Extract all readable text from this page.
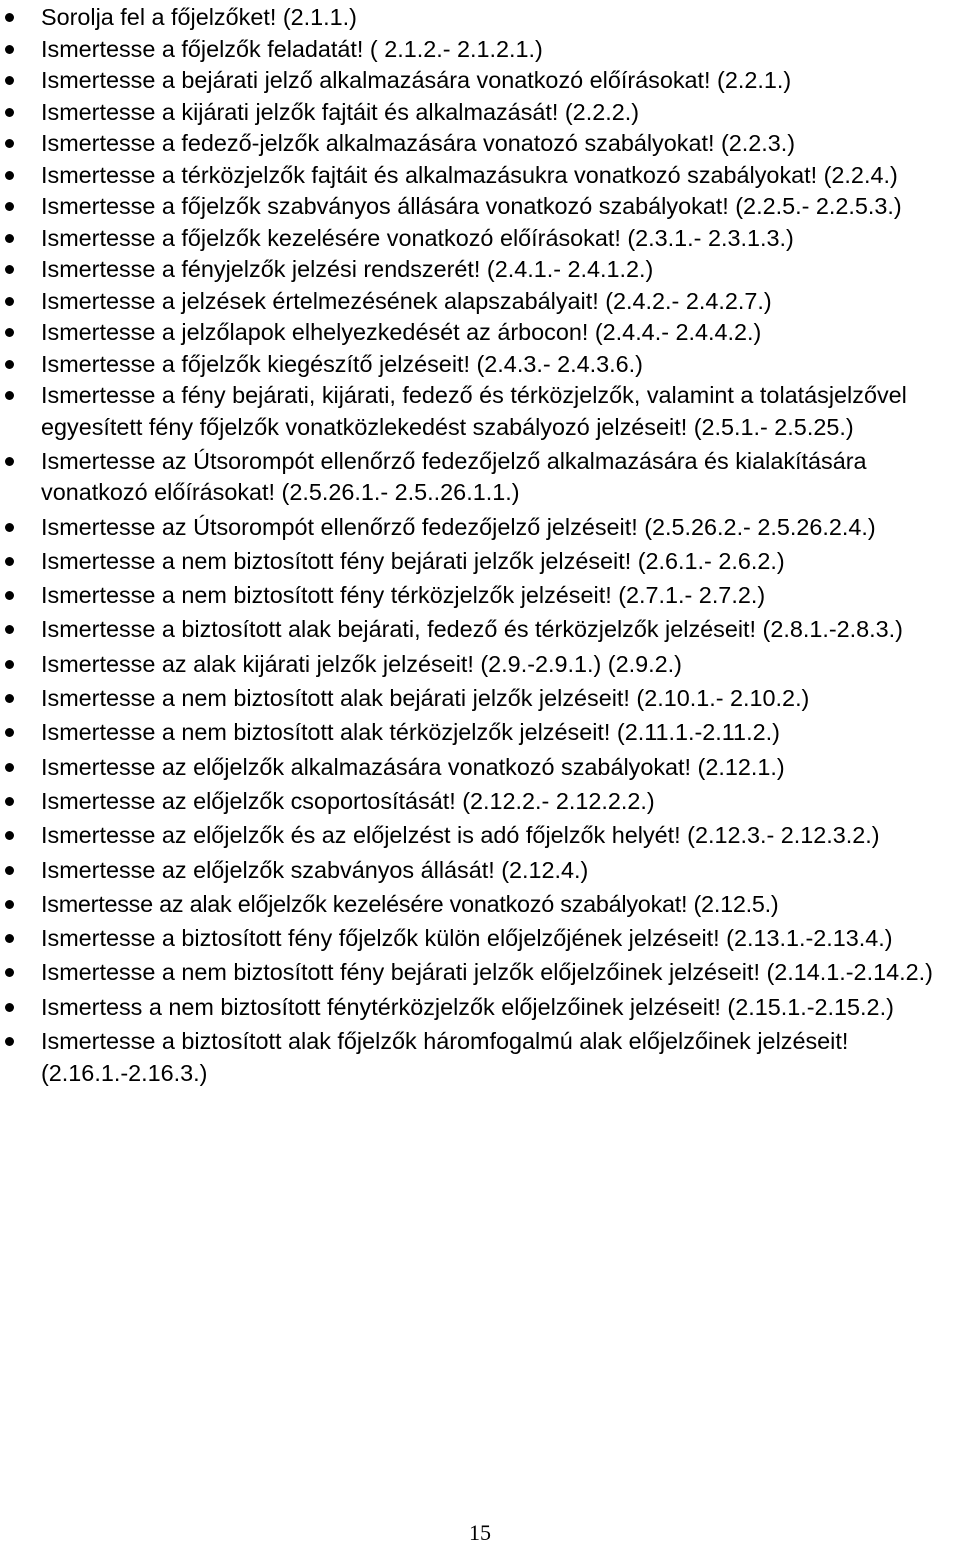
Sorolja fel a főjelzőket! (2.1.1.)
Ismertesse a főjelzők feladatát! ( 2.1.2.- 2.1.2.1.)
Ismertesse a bejárati jelző alkalmazására vonatkozó előírásokat! (2.2.1.)
Ismertesse a kijárati jelzők fajtáit és alkalmazását! (2.2.2.)
Ismertesse a fedező-jelzők alkalmazására vonatozó szabályokat! (2.2.3.)
Ismertesse a térközjelzők fajtáit és alkalmazásukra vonatkozó szabályokat! (2.2.4.)
Ismertesse a főjelzők szabványos állására vonatkozó szabályokat! (2.2.5.- 2.2.5.3.)
Ismertesse a főjelzők kezelésére vonatkozó előírásokat! (2.3.1.- 2.3.1.3.)
Ismertesse a fényjelzők jelzési rendszerét! (2.4.1.- 2.4.1.2.)
Ismertesse a jelzések értelmezésének alapszabályait! (2.4.2.- 2.4.2.7.)
Ismertesse a jelzőlapok elhelyezkedését az árbocon! (2.4.4.- 2.4.4.2.)
Ismertesse a főjelzők kiegészítő jelzéseit! (2.4.3.- 2.4.3.6.)
Ismertesse a fény bejárati, kijárati, fedező és térközjelzők, valamint a tolatásjelzővel egyesített fény főjelzők vonatközlekedést szabályozó jelzéseit! (2.5.1.- 2.5.25.)
Ismertesse az Útsorompót ellenőrző fedezőjelző alkalmazására és kialakítására vonatkozó előírásokat! (2.5.26.1.- 2.5..26.1.1.)
Ismertesse az Útsorompót ellenőrző fedezőjelző jelzéseit! (2.5.26.2.- 2.5.26.2.4.)
Ismertesse a nem biztosított fény bejárati jelzők jelzéseit! (2.6.1.- 2.6.2.)
Ismertesse a nem biztosított fény térközjelzők jelzéseit! (2.7.1.- 2.7.2.)
Ismertesse a biztosított alak bejárati, fedező és térközjelzők jelzéseit! (2.8.1.-2.8.3.)
Ismertesse az alak kijárati jelzők jelzéseit! (2.9.-2.9.1.) (2.9.2.)
Ismertesse a nem biztosított alak bejárati jelzők jelzéseit! (2.10.1.- 2.10.2.)
Ismertesse a nem biztosított alak térközjelzők jelzéseit! (2.11.1.-2.11.2.)
Ismertesse az előjelzők alkalmazására vonatkozó szabályokat! (2.12.1.)
Ismertesse az előjelzők csoportosítását! (2.12.2.- 2.12.2.2.)
Ismertesse az előjelzők és az előjelzést is adó főjelzők helyét! (2.12.3.- 2.12.3.2.)
Ismertesse az előjelzők szabványos állását! (2.12.4.)
Ismertesse az alak előjelzők kezelésére vonatkozó szabályokat! (2.12.5.)
Ismertesse a biztosított fény főjelzők külön előjelzőjének jelzéseit! (2.13.1.-2.13.4.)
Ismertesse a nem biztosított fény bejárati jelzők előjelzőinek jelzéseit! (2.14.1.-2.14.2.)
Ismertess a nem biztosított fénytérközjelzők előjelzőinek jelzéseit! (2.15.1.-2.15.2.)
Ismertesse a biztosított alak főjelzők háromfogalmú alak előjelzőinek jelzéseit! (2.16.1.-2.16.3.)
15
